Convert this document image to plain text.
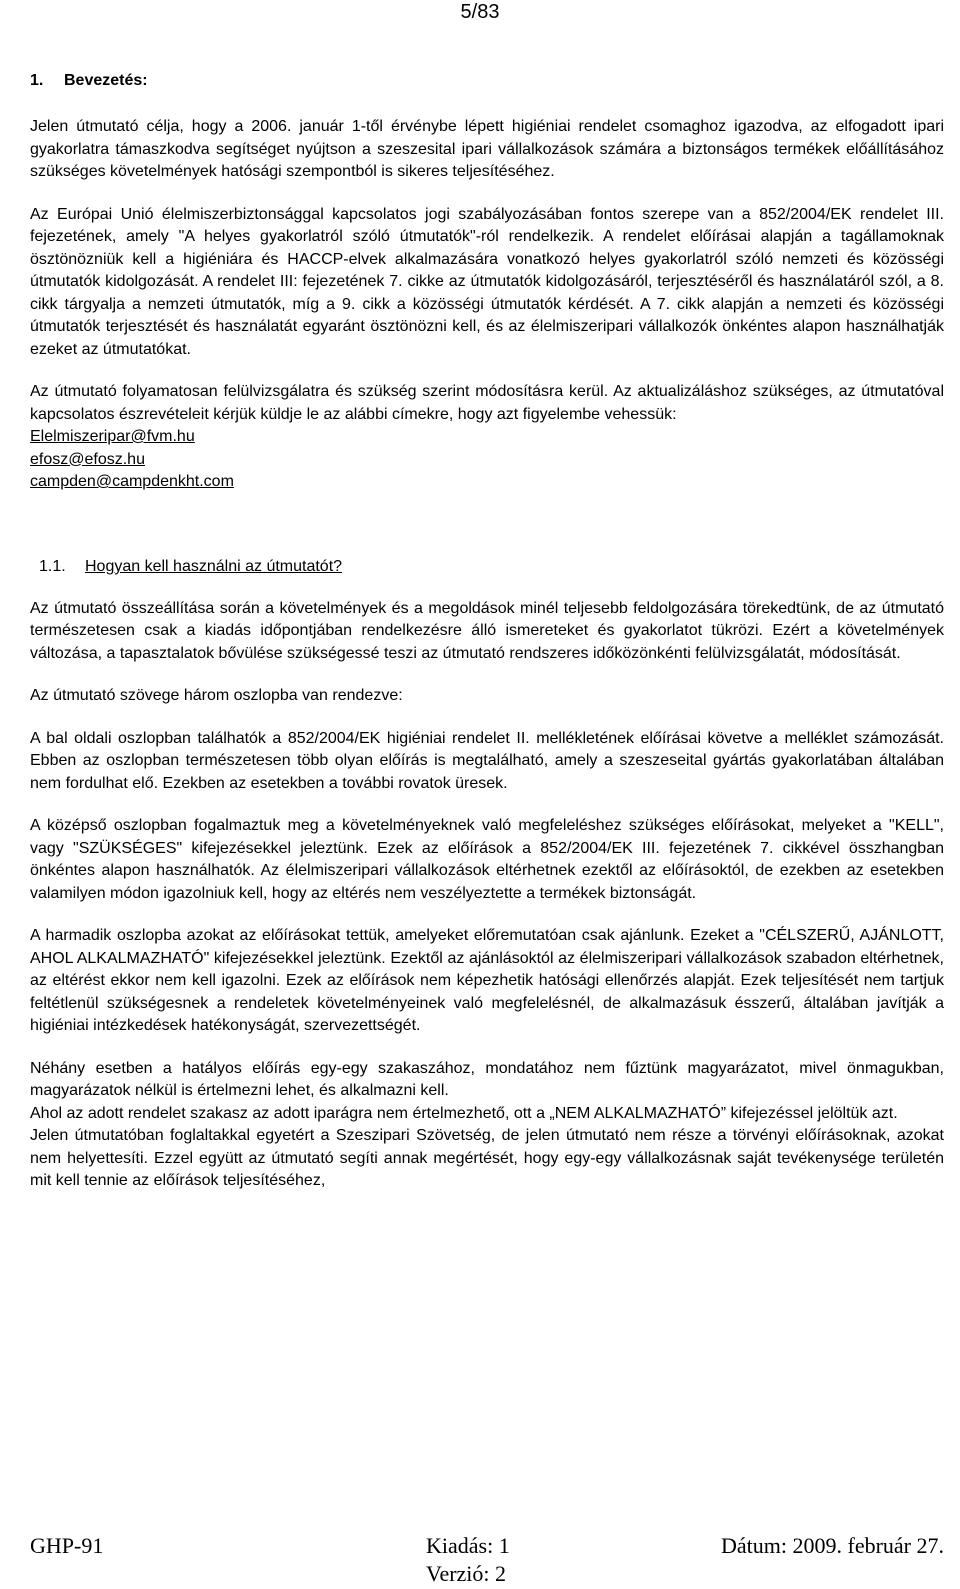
5/83
1. Bevezetés:

Jelen útmutató célja, hogy a 2006. január 1-től érvénybe lépett higiéniai rendelet csomaghoz igazodva, az elfogadott ipari gyakorlatra támaszkodva segítséget nyújtson a szeszesital ipari vállalkozások számára a biztonságos termékek előállításához szükséges követelmények hatósági szempontból is sikeres teljesítéséhez.

Az Európai Unió élelmiszerbiztonsággal kapcsolatos jogi szabályozásában fontos szerepe van a 852/2004/EK rendelet III. fejezetének, amely "A helyes gyakorlatról szóló útmutatók"-ról rendelkezik. A rendelet előírásai alapján a tagállamoknak ösztönözniük kell a higiéniára és HACCP-elvek alkalmazására vonatkozó helyes gyakorlatról szóló nemzeti és közösségi útmutatók kidolgozását. A rendelet III: fejezetének 7. cikke az útmutatók kidolgozásáról, terjesztéséről és használatáról szól, a 8. cikk tárgyalja a nemzeti útmutatók, míg a 9. cikk a közösségi útmutatók kérdését. A 7. cikk alapján a nemzeti és közösségi útmutatók terjesztését és használatát egyaránt ösztönözni kell, és az élelmiszeripari vállalkozók önkéntes alapon használhatják ezeket az útmutatókat.

Az útmutató folyamatosan felülvizsgálatra és szükség szerint módosításra kerül. Az aktualizáláshoz szükséges, az útmutatóval kapcsolatos észrevételeit kérjük küldje le az alábbi címekre, hogy azt figyelembe vehessük:

Elelmiszeripar@fvm.hu
efosz@efosz.hu
campden@campdenkht.com
1.1. Hogyan kell használni az útmutatót?

Az útmutató összeállítása során a követelmények és a megoldások minél teljesebb feldolgozására törekedtünk, de az útmutató természetesen csak a kiadás időpontjában rendelkezésre álló ismereteket és gyakorlatot tükrözi. Ezért a követelmények változása, a tapasztalatok bővülése szükségessé teszi az útmutató rendszeres időközönkénti felülvizsgálatát, módosítását.

Az útmutató szövege három oszlopba van rendezve:

A bal oldali oszlopban találhatók a 852/2004/EK higiéniai rendelet II. mellékletének előírásai követve a melléklet számozását. Ebben az oszlopban természetesen több olyan előírás is megtalálható, amely a szeszeseital gyártás gyakorlatában általában nem fordulhat elő. Ezekben az esetekben a további rovatok üresek.

A középső oszlopban fogalmaztuk meg a követelményeknek való megfeleléshez szükséges előírásokat, melyeket a "KELL", vagy "SZÜKSÉGES" kifejezésekkel jeleztünk. Ezek az előírások a 852/2004/EK III. fejezetének 7. cikkével összhangban önkéntes alapon használhatók. Az élelmiszeripari vállalkozások eltérhetnek ezektől az előírásoktól, de ezekben az esetekben valamilyen módon igazolniuk kell, hogy az eltérés nem veszélyeztette a termékek biztonságát.

A harmadik oszlopba azokat az előírásokat tettük, amelyeket előremutatóan csak ajánlunk. Ezeket a "CÉLSZERŰ, AJÁNLOTT, AHOL ALKALMAZHATÓ" kifejezésekkel jeleztünk. Ezektől az ajánlásoktól az élelmiszeripari vállalkozások szabadon eltérhetnek, az eltérést ekkor nem kell igazolni. Ezek az előírások nem képezhetik hatósági ellenőrzés alapját. Ezek teljesítését nem tartjuk feltétlenül szükségesnek a rendeletek követelményeinek való megfelelésnél, de alkalmazásuk ésszerű, általában javítják a higiéniai intézkedések hatékonyságát, szervezettségét.

Néhány esetben a hatályos előírás egy-egy szakaszához, mondatához nem fűztünk magyarázatot, mivel önmagukban, magyarázatok nélkül is értelmezni lehet, és alkalmazni kell.

Ahol az adott rendelet szakasz az adott iparágra nem értelmezhető, ott a „NEM ALKALMAZHATÓ” kifejezéssel jelöltük azt.

Jelen útmutatóban foglaltakkal egyetért a Szeszipari Szövetség, de jelen útmutató nem része a törvényi előírásoknak, azokat nem helyettesíti. Ezzel együtt az útmutató segíti annak megértését, hogy egy-egy vállalkozásnak saját tevékenysége területén mit kell tennie az előírások teljesítéséhez,

GHP-91	Kiadás: 1
Verzió: 2
Dátum: 2009. február 27.
